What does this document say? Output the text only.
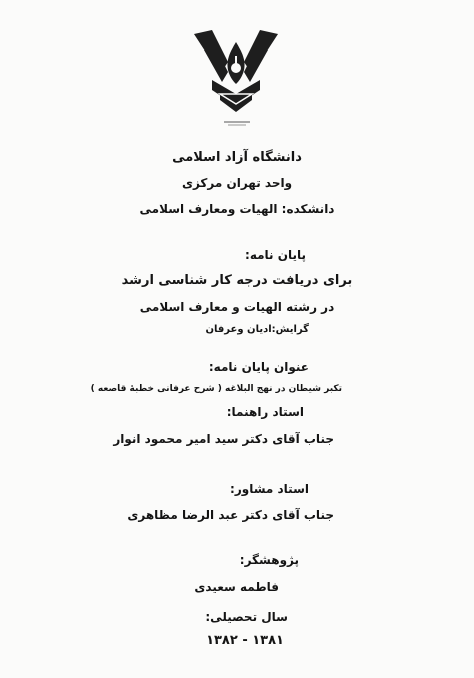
دانشگاه آزاد اسلامی
واحد تهران مرکزی
دانشکده: الهیات ومعارف اسلامی
پایان نامه:
برای دریافت درجه کار شناسی ارشد
در رشته الهیات و معارف اسلامی
گرایش:ادیان وعرفان
عنوان پایان نامه:
تکبر شیطان در نهج البلاغه ( شرح عرفانی خطبهٔ قاصعه )
استاد راهنما:
جناب آقای دکتر سید امیر محمود انوار
استاد مشاور:
جناب آقای دکتر عبد الرضا مظاهری
پژوهشگر:
فاطمه سعیدی
سال تحصیلی:
۱۳۸۲ - ۱۳۸۱
